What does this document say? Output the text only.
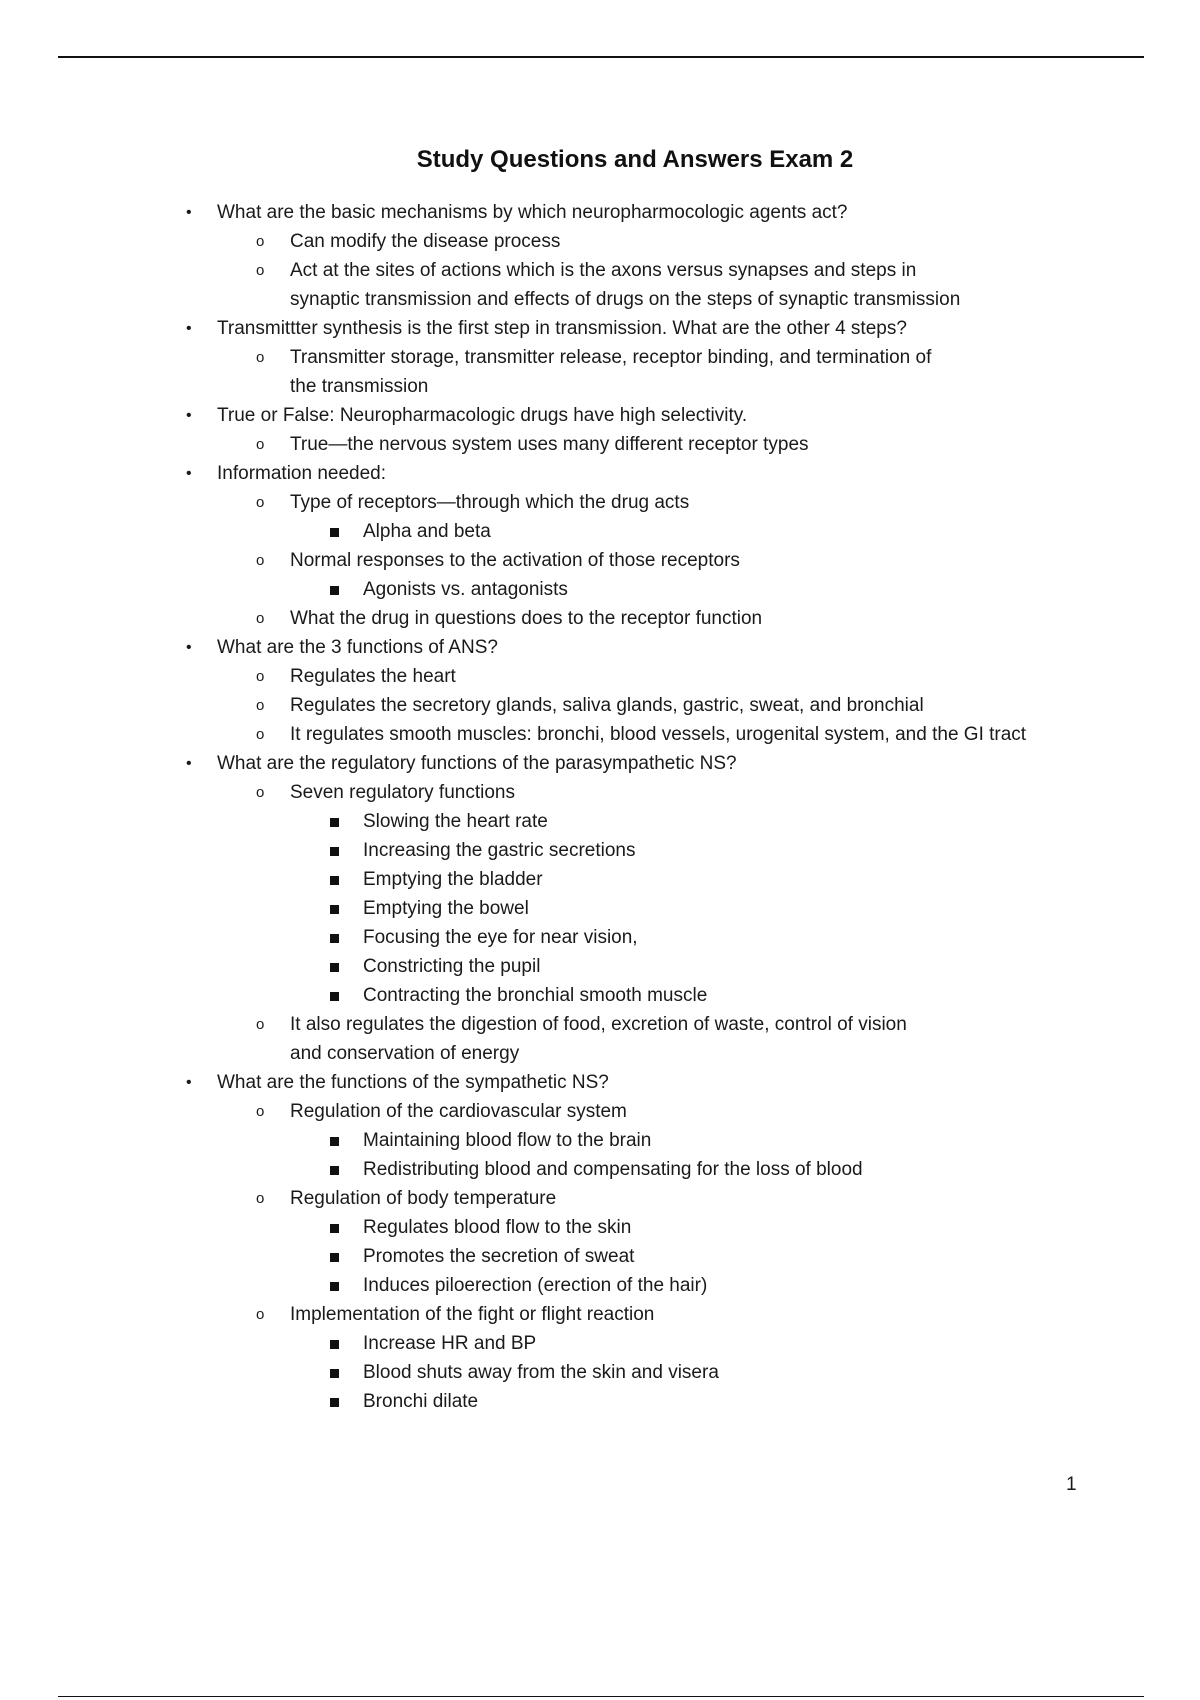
Study Questions and Answers Exam 2
• What are the basic mechanisms by which neuropharmocologic agents act?
o Can modify the disease process
o Act at the sites of actions which is the axons versus synapses and steps in
synaptic transmission and effects of drugs on the steps of synaptic transmission
• Transmittter synthesis is the first step in transmission. What are the other 4 steps?
o Transmitter storage, transmitter release, receptor binding, and termination of
the transmission
• True or False: Neuropharmacologic drugs have high selectivity.
o True—the nervous system uses many different receptor types
• Information needed:
o Type of receptors—through which the drug acts
Alpha and beta
o Normal responses to the activation of those receptors
Agonists vs. antagonists
o What the drug in questions does to the receptor function
• What are the 3 functions of ANS?
o Regulates the heart
o Regulates the secretory glands, saliva glands, gastric, sweat, and bronchial
o It regulates smooth muscles: bronchi, blood vessels, urogenital system, and the GI tract
• What are the regulatory functions of the parasympathetic NS?
o Seven regulatory functions
Slowing the heart rate
Increasing the gastric secretions
Emptying the bladder
Emptying the bowel
Focusing the eye for near vision,
Constricting the pupil
Contracting the bronchial smooth muscle
o It also regulates the digestion of food, excretion of waste, control of vision
and conservation of energy
• What are the functions of the sympathetic NS?
o Regulation of the cardiovascular system
Maintaining blood flow to the brain
Redistributing blood and compensating for the loss of blood
o Regulation of body temperature
Regulates blood flow to the skin
Promotes the secretion of sweat
Induces piloerection (erection of the hair)
o Implementation of the fight or flight reaction
Increase HR and BP
Blood shuts away from the skin and visera
Bronchi dilate
1
